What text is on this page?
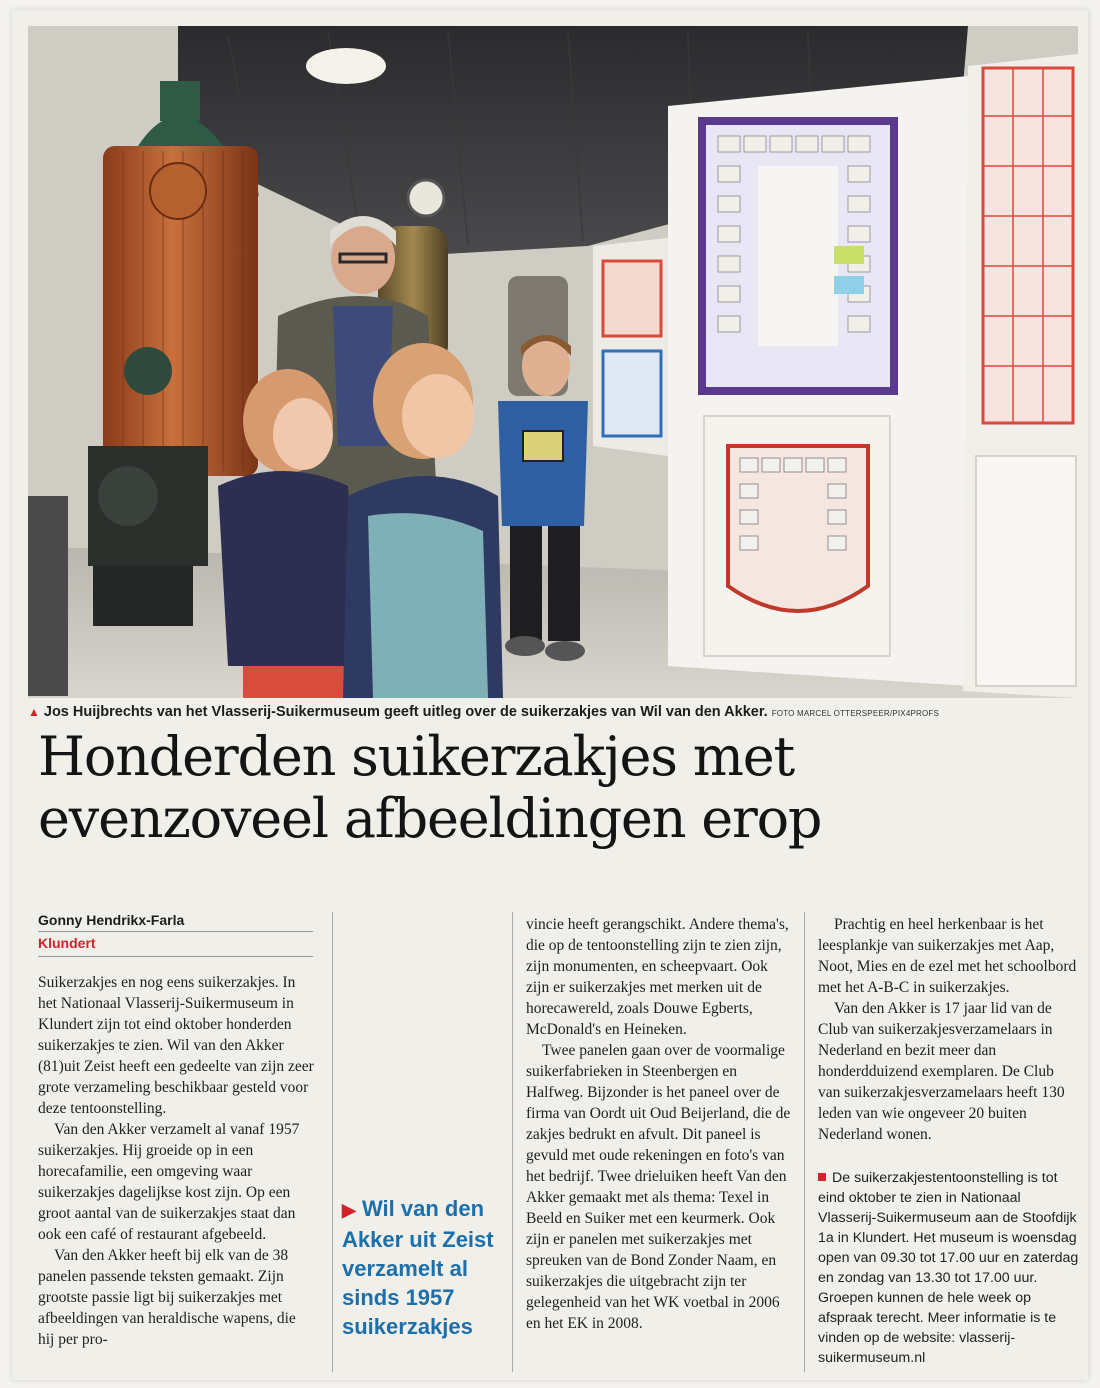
▲ Jos Huijbrechts van het Vlasserij-Suikermuseum geeft uitleg over de suikerzakjes van Wil van den Akker. FOTO MARCEL OTTERSPEER/PIX4PROFS
Honderden suikerzakjes met
evenzoveel afbeeldingen erop
Gonny Hendrikx-Farla
Klundert

Suikerzakjes en nog eens suikerzakjes. In het Nationaal Vlasserij-Suikermuseum in Klundert zijn tot eind oktober honderden suikerzakjes te zien. Wil van den Akker (81)uit Zeist heeft een gedeelte van zijn zeer grote verzameling beschikbaar gesteld voor deze tentoonstelling.

Van den Akker verzamelt al vanaf 1957 suikerzakjes. Hij groeide op in een horecafamilie, een omgeving waar suikerzakjes dagelijkse kost zijn. Op een groot aantal van de suikerzakjes staat dan ook een café of restaurant afgebeeld.

Van den Akker heeft bij elk van de 38 panelen passende teksten gemaakt. Zijn grootste passie ligt bij suikerzakjes met afbeeldingen van heraldische wapens, die hij per pro-

▶ Wil van den Akker uit Zeist verzamelt al sinds 1957 suikerzakjes

vincie heeft gerangschikt. Andere thema's, die op de tentoonstelling zijn te zien zijn, zijn monumenten, en scheepvaart. Ook zijn er suikerzakjes met merken uit de horecawereld, zoals Douwe Egberts, McDonald's en Heineken.

Twee panelen gaan over de voormalige suikerfabrieken in Steenbergen en Halfweg. Bijzonder is het paneel over de firma van Oordt uit Oud Beijerland, die de zakjes bedrukt en afvult. Dit paneel is gevuld met oude rekeningen en foto's van het bedrijf. Twee drieluiken heeft Van den Akker gemaakt met als thema: Texel in Beeld en Suiker met een keurmerk. Ook zijn er panelen met suikerzakjes met spreuken van de Bond Zonder Naam, en suikerzakjes die uitgebracht zijn ter gelegenheid van het WK voetbal in 2006 en het EK in 2008.

Prachtig en heel herkenbaar is het leesplankje van suikerzakjes met Aap, Noot, Mies en de ezel met het schoolbord met het A-B-C in suikerzakjes.

Van den Akker is 17 jaar lid van de Club van suikerzakjesverzamelaars in Nederland en bezit meer dan honderdduizend exemplaren. De Club van suikerzakjesverzamelaars heeft 130 leden van wie ongeveer 20 buiten Nederland wonen.

De suikerzakjestentoonstelling is tot eind oktober te zien in Nationaal Vlasserij-Suikermuseum aan de Stoofdijk 1a in Klundert. Het museum is woensdag open van 09.30 tot 17.00 uur en zaterdag en zondag van 13.30 tot 17.00 uur. Groepen kunnen de hele week op afspraak terecht. Meer informatie is te vinden op de website: vlasserij-suikermuseum.nl
